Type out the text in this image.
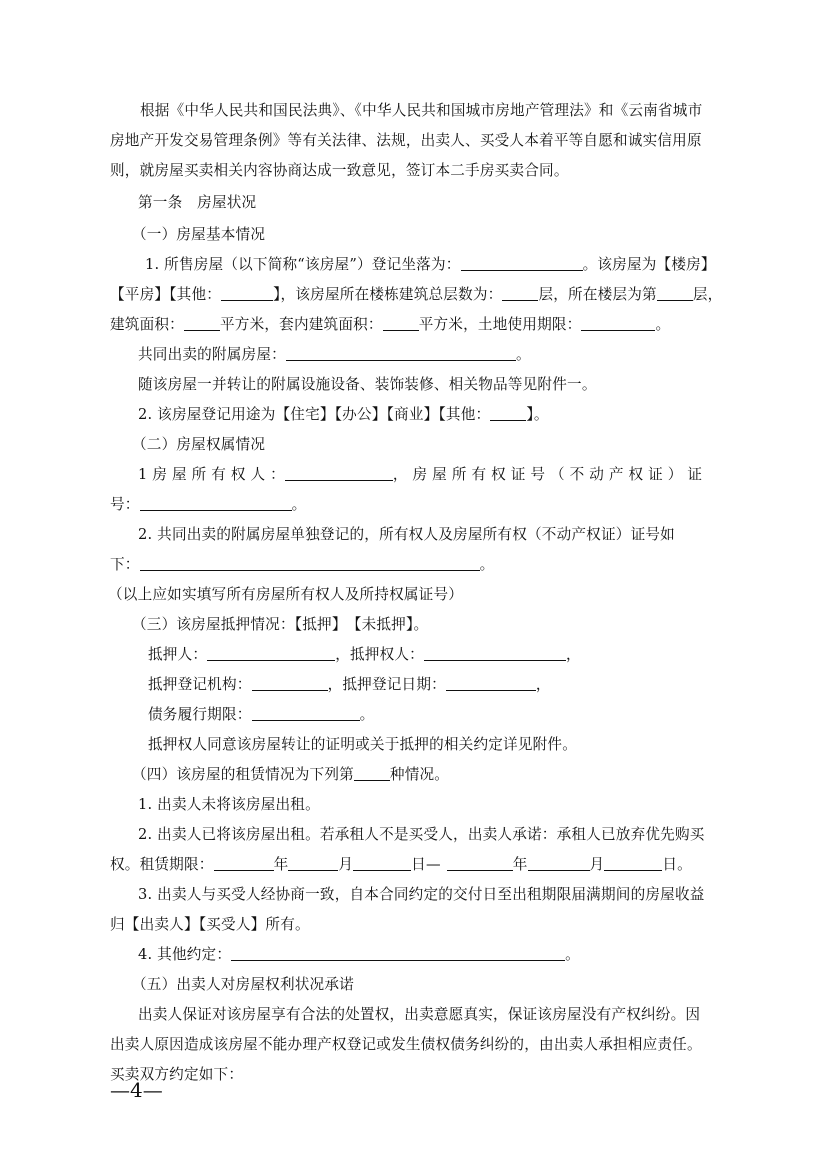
根据《中华人民共和国民法典》、《中华人民共和国城市房地产管理法》和《云南省城市
房地产开发交易管理条例》等有关法律、法规，出卖人、买受人本着平等自愿和诚实信用原
则，就房屋买卖相关内容协商达成一致意见，签订本二手房买卖合同。
第一条　房屋状况
（一）房屋基本情况
1. 所售房屋（以下简称“该房屋”）登记坐落为：	。该房屋为【楼房】
【平房】【其他：	】，该房屋所在楼栋建筑总层数为： 层，所在楼层为第 层，
建筑面积： 平方米，套内建筑面积： 平方米，土地使用期限：	。
共同出卖的附属房屋：	。
随该房屋一并转让的附属设施设备、装饰装修、相关物品等见附件一。
2. 该房屋登记用途为【住宅】【办公】【商业】【其他： 】。
（二）房屋权属情况
1 房 屋 所 有 权 人 ：	， 房 屋 所 有 权 证 号 （ 不 动 产 权 证 ） 证
号：	。
2. 共同出卖的附属房屋单独登记的，所有权人及房屋所有权（不动产权证）证号如
下：	。
（以上应如实填写所有房屋所有权人及所持权属证号）
（三）该房屋抵押情况：【抵押】　【未抵押】。
抵押人：	，抵押权人：	，
抵押登记机构：	，抵押登记日期：	，
债务履行期限：	。
抵押权人同意该房屋转让的证明或关于抵押的相关约定详见附件。
（四）该房屋的租赁情况为下列第 种情况。
1. 出卖人未将该房屋出租。
2. 出卖人已将该房屋出租。若承租人不是买受人，出卖人承诺：承租人已放弃优先购买
权。租赁期限：	年	月	日—	年	月	日。
3. 出卖人与买受人经协商一致，自本合同约定的交付日至出租期限届满期间的房屋收益
归【出卖人】【买受人】所有。
4. 其他约定：	。
（五）出卖人对房屋权利状况承诺
出卖人保证对该房屋享有合法的处置权，出卖意愿真实，保证该房屋没有产权纠纷。因
出卖人原因造成该房屋不能办理产权登记或发生债权债务纠纷的，由出卖人承担相应责任。
买卖双方约定如下：
—4—
